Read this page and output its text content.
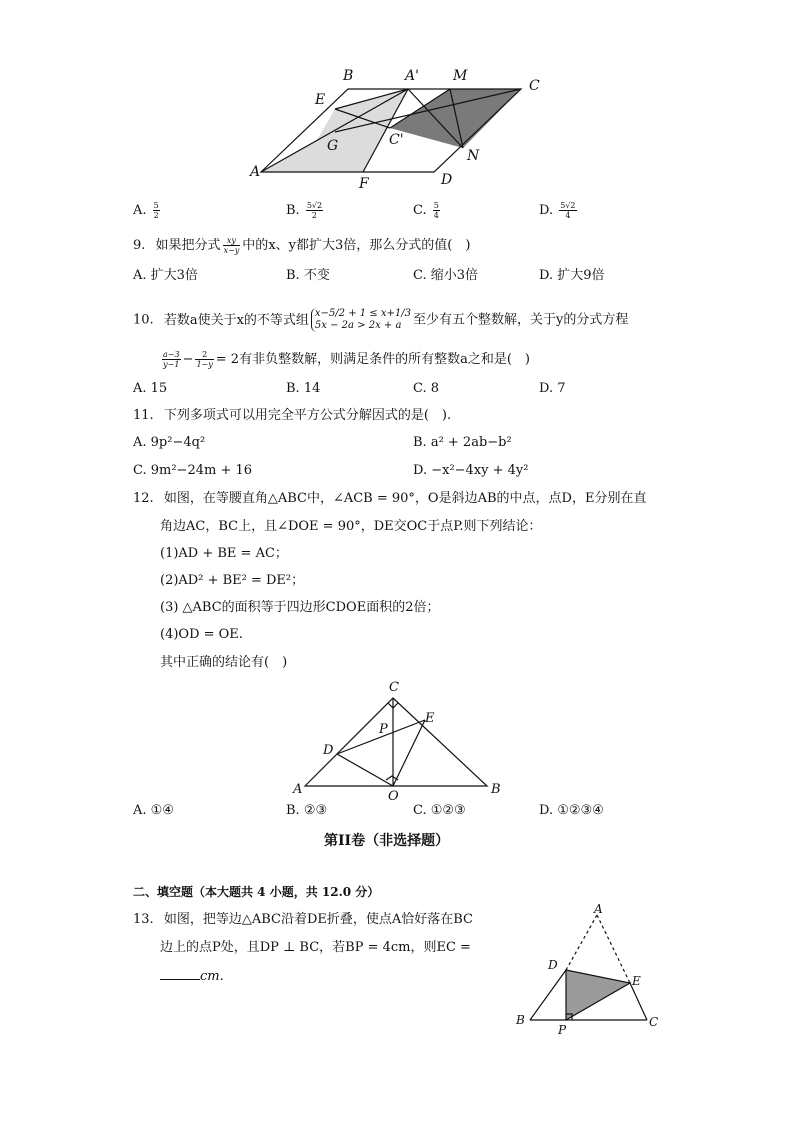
B	A' M
C
E
G	C'
N
A
F	D
A. $\frac{5}{2}$	B. $\frac{5√2}{2}$	C. $\frac{5}{4}$	D. $\frac{5√2}{4}$
9. 如果把分式 $\frac{xy}{x-y}$ 中的x、y都扩大3倍，那么分式的值(　)
A. 扩大3倍	B. 不变	C. 缩小3倍	D. 扩大9倍
10. 若数a使关于x的不等式组 x−5/2 + 1 ≤ x+1/3
5x − 2a > 2x + a 至少有五个整数解，关于y的分式方程
$\frac{a-3}{y-1} - \frac{2}{1-y} = 2$有非负整数解，则满足条件的所有整数a之和是(　)
A. 15	B. 14	C. 8	D. 7
11. 下列多项式可以用完全平方公式分解因式的是(　).
A. 9p²−4q²	B. a² + 2ab−b²
C. 9m²−24m + 16	D. −x²−4xy + 4y²
12. 如图，在等腰直角△ABC中，∠ACB = 90°，O是斜边AB的中点，点D，E分别在直
角边AC，BC上，且∠DOE = 90°，DE交OC于点P.则下列结论：
(1)AD + BE = AC；
(2)AD² + BE² = DE²；
(3) △ABC的面积等于四边形CDOE面积的2倍；
(4)OD = OE.
其中正确的结论有(　)
C
E
P
D
A	O	B
A. ①④	B. ②③	C. ①②③	D. ①②③④
第II卷（非选择题）
二、填空题（本大题共 4 小题，共 12.0 分）
13. 如图，把等边△ABC沿着DE折叠，使点A恰好落在BC
边上的点P处，且DP ⊥ BC，若BP = 4cm，则EC =
cm.
A
D
E
B
P
C
